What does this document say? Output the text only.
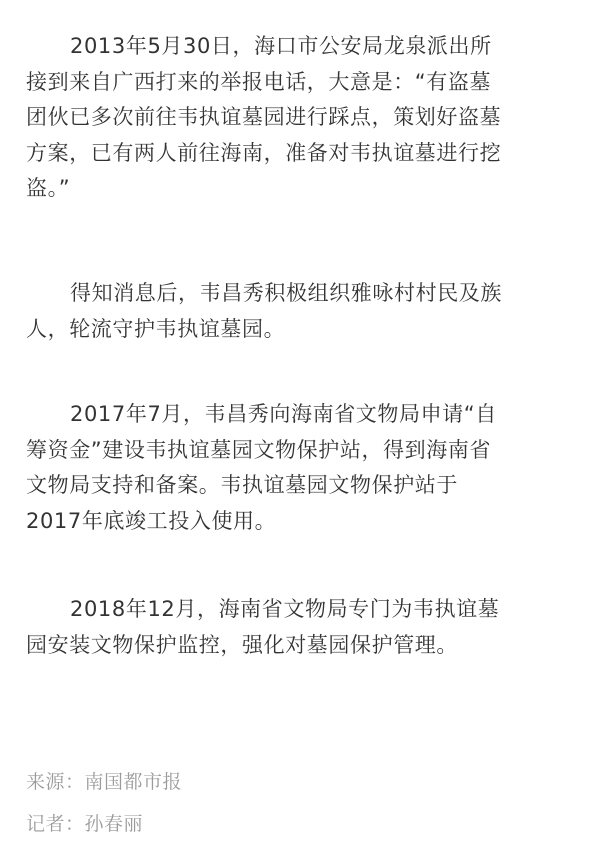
2013年5月30日，海口市公安局龙泉派出所
接到来自广西打来的举报电话，大意是：“有盗墓
团伙已多次前往韦执谊墓园进行踩点，策划好盗墓
方案，已有两人前往海南，准备对韦执谊墓进行挖
盗。”

得知消息后，韦昌秀积极组织雅咏村村民及族
人，轮流守护韦执谊墓园。

2017年7月，韦昌秀向海南省文物局申请“自
筹资金”建设韦执谊墓园文物保护站，得到海南省
文物局支持和备案。韦执谊墓园文物保护站于
2017年底竣工投入使用。

2018年12月，海南省文物局专门为韦执谊墓
园安装文物保护监控，强化对墓园保护管理。

来源：南国都市报
记者：孙春丽
